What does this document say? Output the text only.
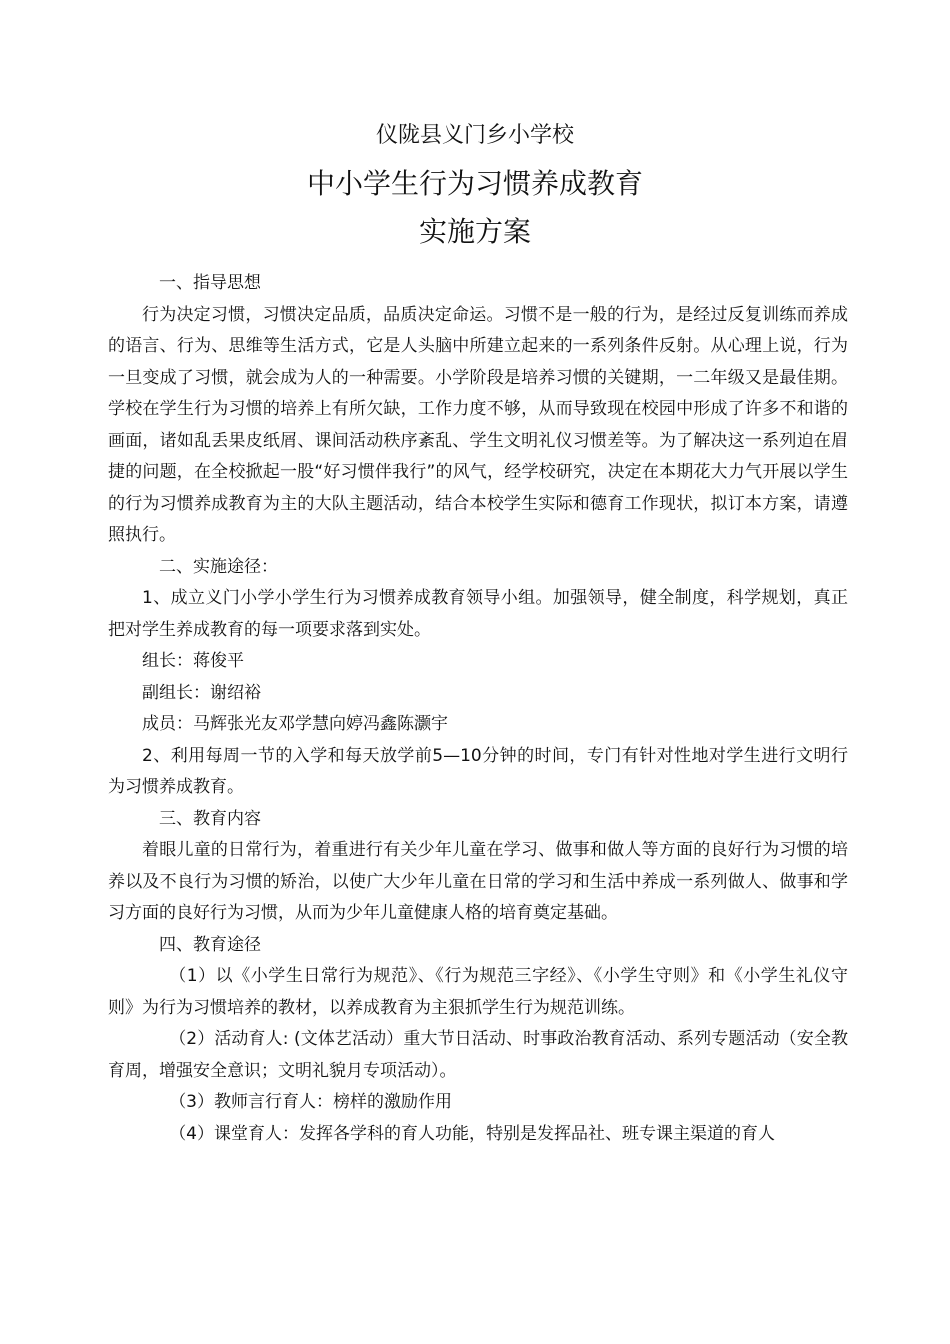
仪陇县义门乡小学校
中小学生行为习惯养成教育
实施方案

一、指导思想

行为决定习惯，习惯决定品质，品质决定命运。习惯不是一般的行为，是经过反复训练而养成的语言、行为、思维等生活方式，它是人头脑中所建立起来的一系列条件反射。从心理上说，行为一旦变成了习惯，就会成为人的一种需要。小学阶段是培养习惯的关键期，一二年级又是最佳期。学校在学生行为习惯的培养上有所欠缺，工作力度不够，从而导致现在校园中形成了许多不和谐的画面，诸如乱丢果皮纸屑、课间活动秩序紊乱、学生文明礼仪习惯差等。为了解决这一系列迫在眉捷的问题，在全校掀起一股“好习惯伴我行”的风气，经学校研究，决定在本期花大力气开展以学生的行为习惯养成教育为主的大队主题活动，结合本校学生实际和德育工作现状，拟订本方案，请遵照执行。

二、实施途径：

1、成立义门小学小学生行为习惯养成教育领导小组。加强领导，健全制度，科学规划，真正把对学生养成教育的每一项要求落到实处。

组长：蒋俊平

副组长：谢绍裕

成员：马辉张光友邓学慧向婷冯鑫陈灏宇

2、利用每周一节的入学和每天放学前5—10分钟的时间，专门有针对性地对学生进行文明行为习惯养成教育。

三、教育内容

着眼儿童的日常行为，着重进行有关少年儿童在学习、做事和做人等方面的良好行为习惯的培养以及不良行为习惯的矫治，以使广大少年儿童在日常的学习和生活中养成一系列做人、做事和学习方面的良好行为习惯，从而为少年儿童健康人格的培育奠定基础。

四、教育途径

（1）以《小学生日常行为规范》、《行为规范三字经》、《小学生守则》和《小学生礼仪守则》为行为习惯培养的教材，以养成教育为主狠抓学生行为规范训练。

（2）活动育人: (文体艺活动）重大节日活动、时事政治教育活动、系列专题活动（安全教育周，增强安全意识；文明礼貌月专项活动）。

（3）教师言行育人：榜样的激励作用

（4）课堂育人：发挥各学科的育人功能，特别是发挥品社、班专课主渠道的育人
